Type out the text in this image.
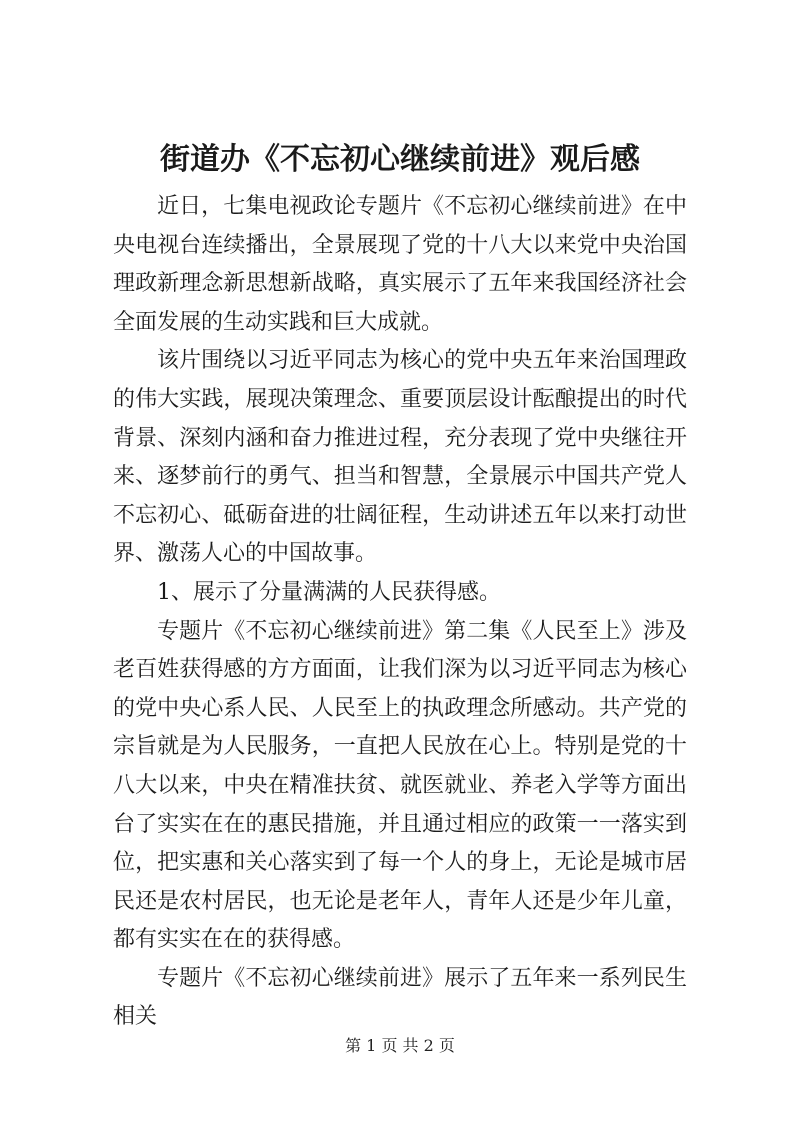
街道办《不忘初心继续前进》观后感

近日，七集电视政论专题片《不忘初心继续前进》在中央电视台连续播出，全景展现了党的十八大以来党中央治国理政新理念新思想新战略，真实展示了五年来我国经济社会全面发展的生动实践和巨大成就。

该片围绕以习近平同志为核心的党中央五年来治国理政的伟大实践，展现决策理念、重要顶层设计酝酿提出的时代背景、深刻内涵和奋力推进过程，充分表现了党中央继往开来、逐梦前行的勇气、担当和智慧，全景展示中国共产党人不忘初心、砥砺奋进的壮阔征程，生动讲述五年以来打动世界、激荡人心的中国故事。

1、展示了分量满满的人民获得感。

专题片《不忘初心继续前进》第二集《人民至上》涉及老百姓获得感的方方面面，让我们深为以习近平同志为核心的党中央心系人民、人民至上的执政理念所感动。共产党的宗旨就是为人民服务，一直把人民放在心上。特别是党的十八大以来，中央在精准扶贫、就医就业、养老入学等方面出台了实实在在的惠民措施，并且通过相应的政策一一落实到位，把实惠和关心落实到了每一个人的身上，无论是城市居民还是农村居民，也无论是老年人，青年人还是少年儿童，都有实实在在的获得感。

专题片《不忘初心继续前进》展示了五年来一系列民生相关

第 1 页 共 2 页
